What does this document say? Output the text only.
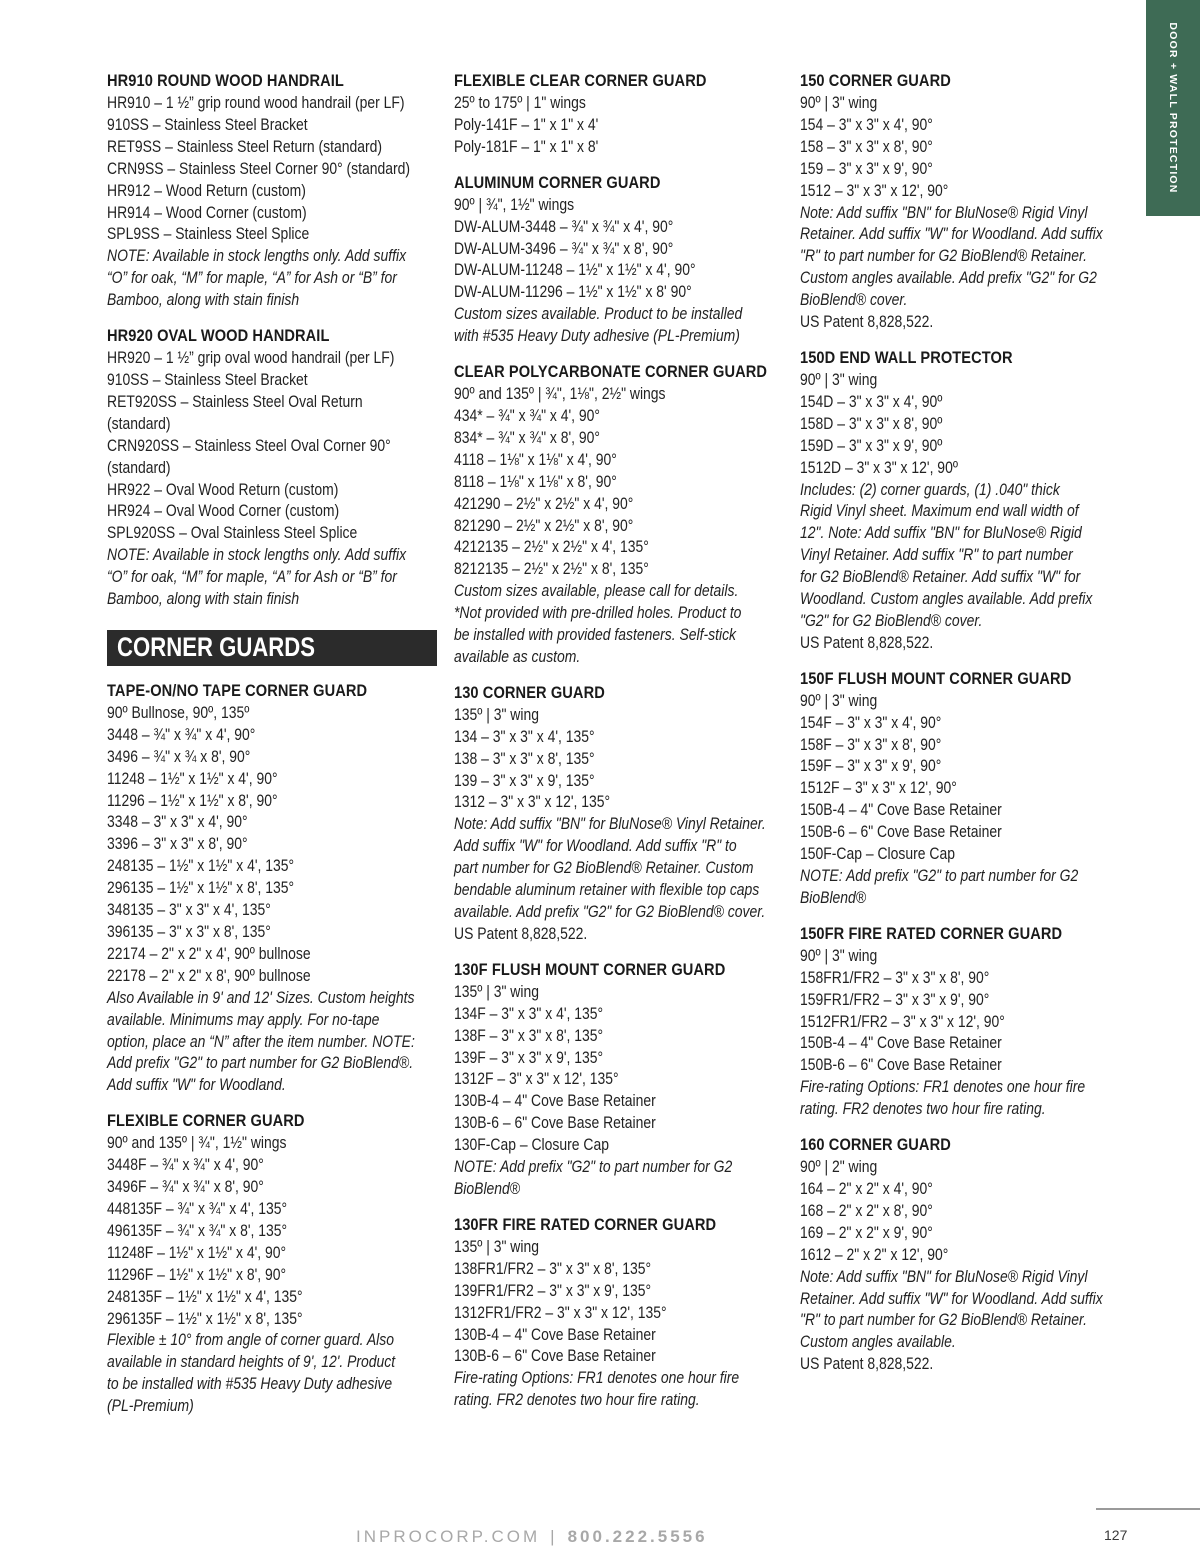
DOOR + WALL PROTECTION
HR910 ROUND WOOD HANDRAIL
HR910 – 1 ½” grip round wood handrail (per LF)
910SS – Stainless Steel Bracket
RET9SS – Stainless Steel Return (standard)
CRN9SS – Stainless Steel Corner 90° (standard)
HR912 – Wood Return (custom)
HR914 – Wood Corner (custom)
SPL9SS – Stainless Steel Splice
NOTE: Available in stock lengths only. Add suffix
“O” for oak, “M” for maple, “A” for Ash or “B” for
Bamboo, along with stain finish
HR920 OVAL WOOD HANDRAIL
HR920 – 1 ½” grip oval wood handrail (per LF)
910SS – Stainless Steel Bracket
RET920SS – Stainless Steel Oval Return
(standard)
CRN920SS – Stainless Steel Oval Corner 90°
(standard)
HR922 – Oval Wood Return (custom)
HR924 – Oval Wood Corner (custom)
SPL920SS – Oval Stainless Steel Splice
NOTE: Available in stock lengths only. Add suffix
“O” for oak, “M” for maple, “A” for Ash or “B” for
Bamboo, along with stain finish
CORNER GUARDS
TAPE-ON/NO TAPE CORNER GUARD
90º Bullnose, 90º, 135º
3448 – ¾" x ¾" x 4', 90°
3496 – ¾" x ¾ x 8', 90°
11248 – 1½" x 1½" x 4', 90°
11296 – 1½" x 1½" x 8', 90°
3348 – 3" x 3" x 4', 90°
3396 – 3" x 3" x 8', 90°
248135 – 1½" x 1½" x 4', 135°
296135 – 1½" x 1½" x 8', 135°
348135 – 3" x 3" x 4', 135°
396135 – 3" x 3" x 8', 135°
22174 – 2" x 2" x 4', 90º bullnose
22178 – 2" x 2" x 8', 90º bullnose
Also Available in 9' and 12' Sizes. Custom heights
available. Minimums may apply. For no-tape
option, place an “N” after the item number. NOTE:
Add prefix "G2" to part number for G2 BioBlend®.
Add suffix "W" for Woodland.
FLEXIBLE CORNER GUARD
90º and 135º | ¾", 1½" wings
3448F – ¾" x ¾" x 4', 90°
3496F – ¾" x ¾" x 8', 90°
448135F – ¾" x ¾" x 4', 135°
496135F – ¾" x ¾" x 8', 135°
11248F – 1½" x 1½" x 4', 90°
11296F – 1½" x 1½" x 8', 90°
248135F – 1½" x 1½" x 4', 135°
296135F – 1½" x 1½" x 8', 135°
Flexible ± 10° from angle of corner guard. Also
available in standard heights of 9', 12'. Product
to be installed with #535 Heavy Duty adhesive
(PL-Premium)
FLEXIBLE CLEAR CORNER GUARD
25º to 175º | 1" wings
Poly-141F – 1" x 1" x 4'
Poly-181F – 1" x 1" x 8'
ALUMINUM CORNER GUARD
90º | ¾", 1½" wings
DW-ALUM-3448 – ¾" x ¾" x 4', 90°
DW-ALUM-3496 – ¾" x ¾" x 8', 90°
DW-ALUM-11248 – 1½" x 1½" x 4', 90°
DW-ALUM-11296 – 1½" x 1½" x 8' 90°
Custom sizes available. Product to be installed
with #535 Heavy Duty adhesive (PL-Premium)
CLEAR POLYCARBONATE CORNER GUARD
90º and 135º | ¾", 1⅛", 2½" wings
434* – ¾" x ¾" x 4', 90°
834* – ¾" x ¾" x 8', 90°
4118 – 1⅛" x 1⅛" x 4', 90°
8118 – 1⅛" x 1⅛" x 8', 90°
421290 – 2½" x 2½" x 4', 90°
821290 – 2½" x 2½" x 8', 90°
4212135 – 2½" x 2½" x 4', 135°
8212135 – 2½" x 2½" x 8', 135°
Custom sizes available, please call for details.
*Not provided with pre-drilled holes. Product to
be installed with provided fasteners. Self-stick
available as custom.
130 CORNER GUARD
135º | 3" wing
134 – 3" x 3" x 4', 135°
138 – 3" x 3" x 8', 135°
139 – 3" x 3" x 9', 135°
1312 – 3" x 3" x 12', 135°
Note: Add suffix "BN" for BluNose® Vinyl Retainer.
Add suffix "W" for Woodland. Add suffix "R" to
part number for G2 BioBlend® Retainer. Custom
bendable aluminum retainer with flexible top caps
available. Add prefix "G2" for G2 BioBlend® cover.
US Patent 8,828,522.
130F FLUSH MOUNT CORNER GUARD
135º | 3" wing
134F – 3" x 3" x 4', 135°
138F – 3" x 3" x 8', 135°
139F – 3" x 3" x 9', 135°
1312F – 3" x 3" x 12', 135°
130B-4 – 4" Cove Base Retainer
130B-6 – 6" Cove Base Retainer
130F-Cap – Closure Cap
NOTE: Add prefix "G2" to part number for G2
BioBlend®
130FR FIRE RATED CORNER GUARD
135º | 3" wing
138FR1/FR2 – 3" x 3" x 8', 135°
139FR1/FR2 – 3" x 3" x 9', 135°
1312FR1/FR2 – 3" x 3" x 12', 135°
130B-4 – 4" Cove Base Retainer
130B-6 – 6" Cove Base Retainer
Fire-rating Options: FR1 denotes one hour fire
rating. FR2 denotes two hour fire rating.
150 CORNER GUARD
90º | 3" wing
154 – 3" x 3" x 4', 90°
158 – 3" x 3" x 8', 90°
159 – 3" x 3" x 9', 90°
1512 – 3" x 3" x 12', 90°
Note: Add suffix "BN" for BluNose® Rigid Vinyl
Retainer. Add suffix "W" for Woodland. Add suffix
"R" to part number for G2 BioBlend® Retainer.
Custom angles available. Add prefix "G2" for G2
BioBlend® cover.
US Patent 8,828,522.
150D END WALL PROTECTOR
90º | 3" wing
154D – 3" x 3" x 4', 90º
158D – 3" x 3" x 8', 90º
159D – 3" x 3" x 9', 90º
1512D – 3" x 3" x 12', 90º
Includes: (2) corner guards, (1) .040" thick
Rigid Vinyl sheet. Maximum end wall width of
12". Note: Add suffix "BN" for BluNose® Rigid
Vinyl Retainer. Add suffix "R" to part number
for G2 BioBlend® Retainer. Add suffix "W" for
Woodland. Custom angles available. Add prefix
"G2" for G2 BioBlend® cover.
US Patent 8,828,522.
150F FLUSH MOUNT CORNER GUARD
90º | 3" wing
154F – 3" x 3" x 4', 90°
158F – 3" x 3" x 8', 90°
159F – 3" x 3" x 9', 90°
1512F – 3" x 3" x 12', 90°
150B-4 – 4" Cove Base Retainer
150B-6 – 6" Cove Base Retainer
150F-Cap – Closure Cap
NOTE: Add prefix "G2" to part number for G2
BioBlend®
150FR FIRE RATED CORNER GUARD
90º | 3" wing
158FR1/FR2 – 3" x 3" x 8', 90°
159FR1/FR2 – 3" x 3" x 9', 90°
1512FR1/FR2 – 3" x 3" x 12', 90°
150B-4 – 4" Cove Base Retainer
150B-6 – 6" Cove Base Retainer
Fire-rating Options: FR1 denotes one hour fire
rating. FR2 denotes two hour fire rating.
160 CORNER GUARD
90º | 2" wing
164 – 2" x 2" x 4', 90°
168 – 2" x 2" x 8', 90°
169 – 2" x 2" x 9', 90°
1612 – 2" x 2" x 12', 90°
Note: Add suffix "BN" for BluNose® Rigid Vinyl
Retainer. Add suffix "W" for Woodland. Add suffix
"R" to part number for G2 BioBlend® Retainer.
Custom angles available.
US Patent 8,828,522.
INPROCORP.COM | 800.222.5556	127
